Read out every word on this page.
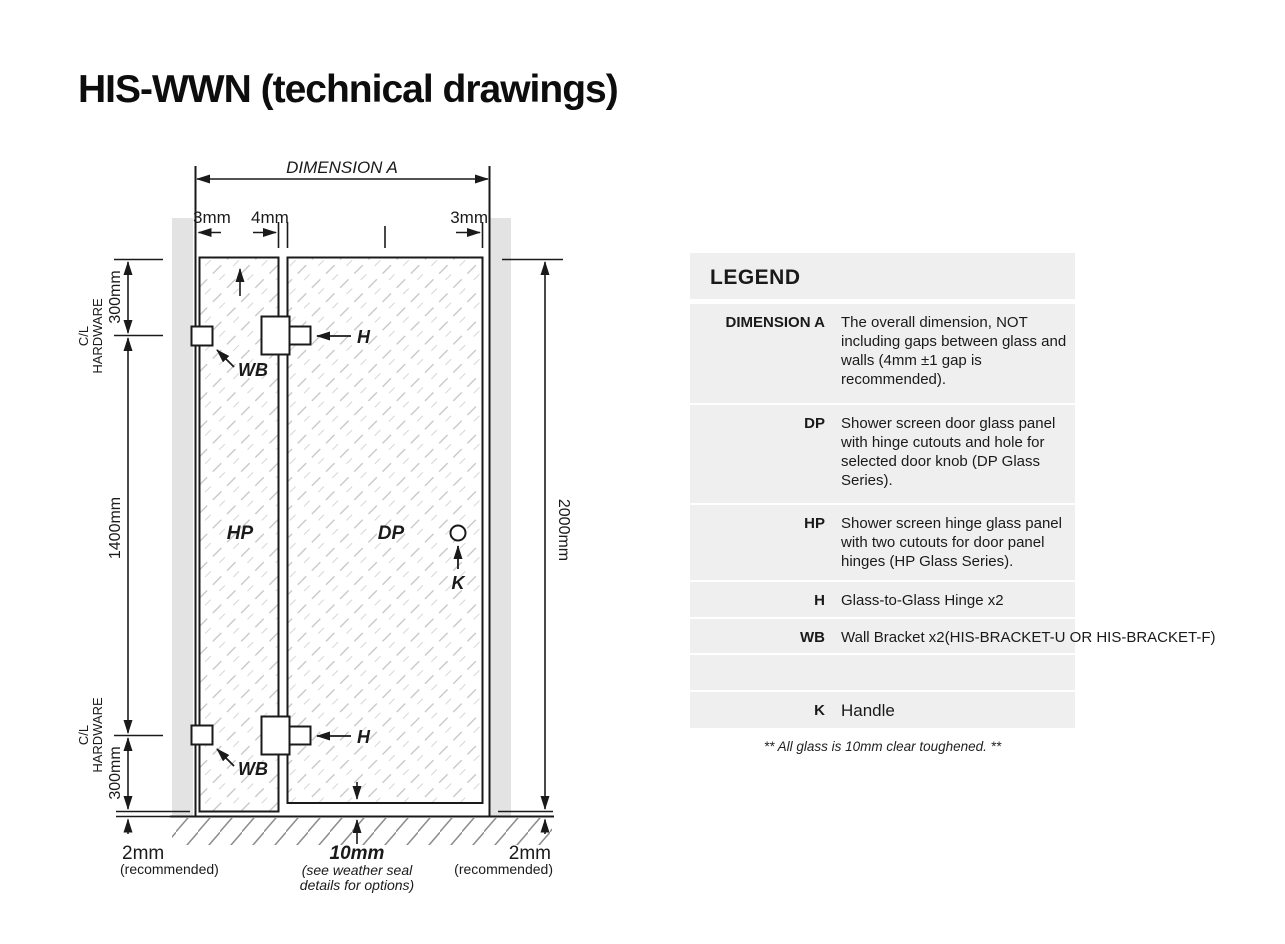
HIS-WWN (technical drawings)
DIMENSION A
3mm 4mm	3mm
300mm
1400mm
300mm
C/L HARDWARE
C/L HARDWARE
2000mm
HP	DP
WB
WB
H
H
K
2mm
(recommended)
10mm
(see weather seal
details for options)
2mm
(recommended)
LEGEND
DIMENSION A The overall dimension, NOT including gaps between glass and walls (4mm ±1 gap is recommended).
DP Shower screen door glass panel with hinge cutouts and hole for selected door knob (DP Glass Series).
HP Shower screen hinge glass panel with two cutouts for door panel hinges (HP Glass Series).
H Glass-to-Glass Hinge x2
WB Wall Bracket x2(HIS-BRACKET-U OR HIS-BRACKET-F)
K Handle
** All glass is 10mm clear toughened. **
